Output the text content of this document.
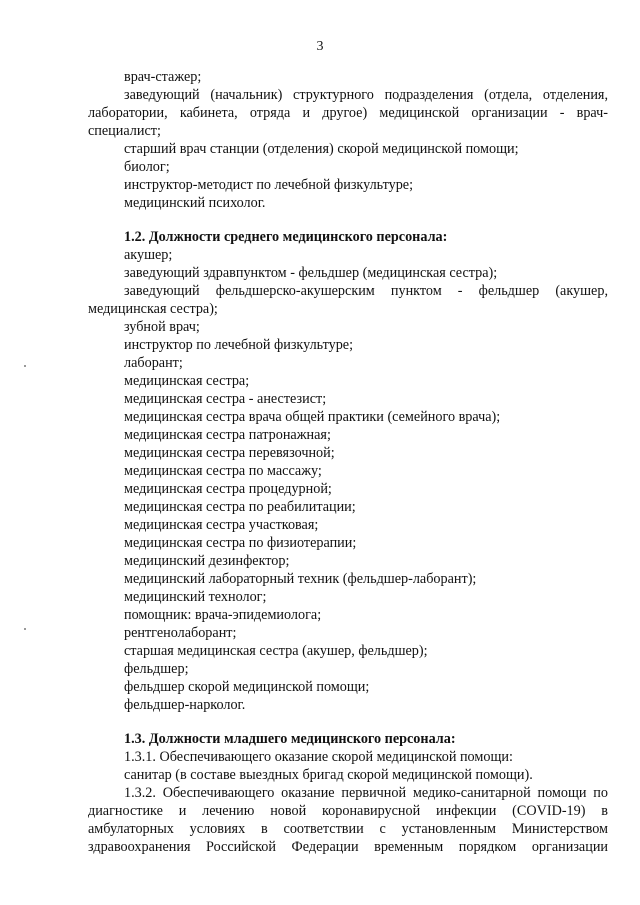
3
врач-стажер;
заведующий (начальник) структурного подразделения (отдела, отделения, лаборатории, кабинета, отряда и другое) медицинской организации - врач-специалист;
старший врач станции (отделения) скорой медицинской помощи;
биолог;
инструктор-методист по лечебной физкультуре;
медицинский психолог.
1.2. Должности среднего медицинского персонала:
акушер;
заведующий здравпунктом - фельдшер (медицинская сестра);
заведующий фельдшерско-акушерским пунктом - фельдшер (акушер, медицинская сестра);
зубной врач;
инструктор по лечебной физкультуре;
лаборант;
медицинская сестра;
медицинская сестра - анестезист;
медицинская сестра врача общей практики (семейного врача);
медицинская сестра патронажная;
медицинская сестра перевязочной;
медицинская сестра по массажу;
медицинская сестра процедурной;
медицинская сестра по реабилитации;
медицинская сестра участковая;
медицинская сестра по физиотерапии;
медицинский дезинфектор;
медицинский лабораторный техник (фельдшер-лаборант);
медицинский технолог;
помощник: врача-эпидемиолога;
рентгенолаборант;
старшая медицинская сестра (акушер, фельдшер);
фельдшер;
фельдшер скорой медицинской помощи;
фельдшер-нарколог.
1.3. Должности младшего медицинского персонала:
1.3.1. Обеспечивающего оказание скорой медицинской помощи:
санитар (в составе выездных бригад скорой медицинской помощи).
1.3.2. Обеспечивающего оказание первичной медико-санитарной помощи по диагностике и лечению новой коронавирусной инфекции (COVID-19) в амбулаторных условиях в соответствии с установленным Министерством здравоохранения Российской Федерации временным порядком организации
